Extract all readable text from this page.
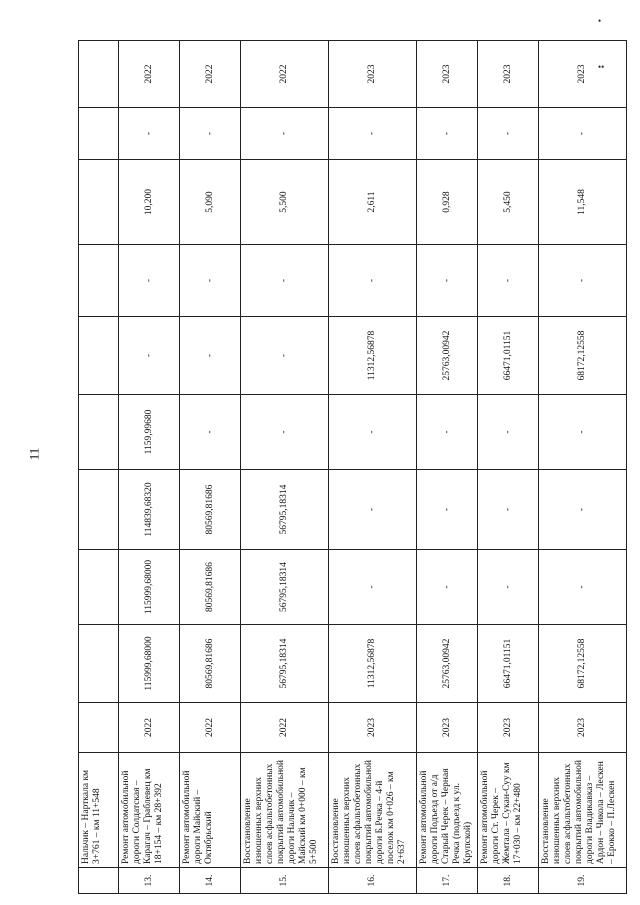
11
•
••
	Нальчик – Нарткала км 3+761 – км 11+548										
13.	Ремонт автомобильной дороги Солдатская – Карагач – Граблевец км 18+154 – км 28+392	2022	115999,68000	115999,68000	114839,68320	1159,99680	-	-	10,200	-	2022
14.	Ремонт автомобильной дороги Майский – Октябрьский	2022	80569,81686	80569,81686	80569,81686	-	-	-	5,090	-	2022
15.	Восстановление изношенных верхних слоев асфальтобетонных покрытий автомобильной дороги Нальчик – Майский км 0+000 – км 5+500	2022	56795,18314	56795,18314	56795,18314	-	-	-	5,500	-	2022
16.	Восстановление изношенных верхних слоев асфальтобетонных покрытий автомобильной дороги Б.Речка – 4-й поселок км 0+026 – км 2+637	2023	11312,56878	-	-	-	11312,56878	-	2,611	-	2023
17.	Ремонт автомобильной дороги Подъезд от а/д Старый Черек – Черная Речка (подъезд к ул. Крупской)	2023	25763,00942	-	-	-	25763,00942	-	0,928	-	2023
18.	Ремонт автомобильной дороги Ст. Черек – Жемтала – Сукан-Суу км 17+030 – км 22+480	2023	66471,01151	-	-	-	66471,01151	-	5,450	-	2023
19.	Восстановление изношенных верхних слоев асфальтобетонных покрытий автомобильной дороги Владикавказ – Ардон – Чикола – Лескен – Ерокко – П.Лескен	2023	68172,12558	-	-	-	68172,12558	-	11,548	-	2023
